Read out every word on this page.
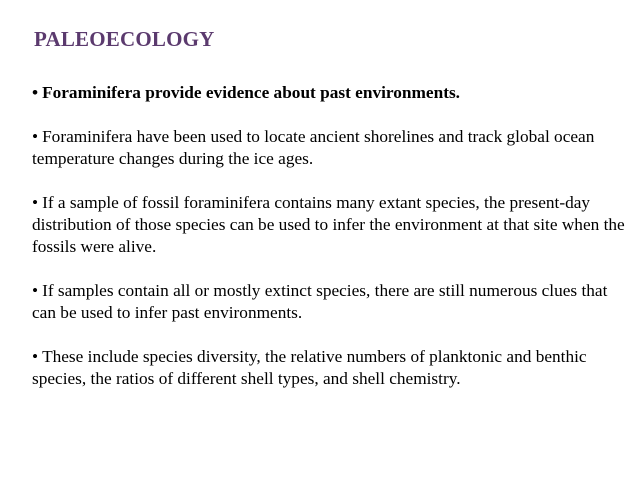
PALEOECOLOGY

• Foraminifera provide evidence about past environments.

• Foraminifera have been used to locate ancient shorelines and track global ocean temperature changes during the ice ages.

• If a sample of fossil foraminifera contains many extant species, the present-day distribution of those species can be used to infer the environment at that site when the fossils were alive.

• If samples contain all or mostly extinct species, there are still numerous clues that can be used to infer past environments.

• These include species diversity, the relative numbers of planktonic and benthic species, the ratios of different shell types, and shell chemistry.
